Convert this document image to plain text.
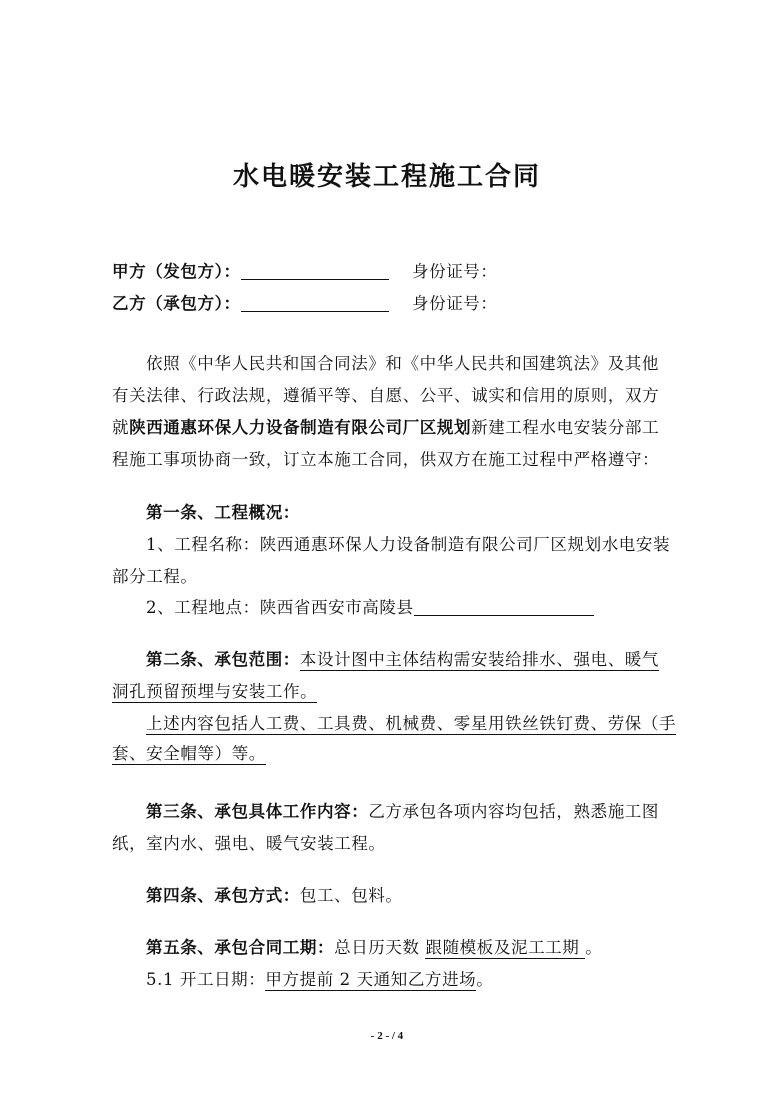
水电暖安装工程施工合同
甲方（发包方）：	身份证号：
乙方（承包方）：	身份证号：
依照《中华人民共和国合同法》和《中华人民共和国建筑法》及其他
有关法律、行政法规，遵循平等、自愿、公平、诚实和信用的原则，双方
就陕西通惠环保人力设备制造有限公司厂区规划新建工程水电安装分部工
程施工事项协商一致，订立本施工合同，供双方在施工过程中严格遵守：
第一条、工程概况：
1、工程名称：陕西通惠环保人力设备制造有限公司厂区规划水电安装
部分工程。
2、工程地点：陕西省西安市高陵县
第二条、承包范围：本设计图中主体结构需安装给排水、强电、暖气
洞孔预留预埋与安装工作。
上述内容包括人工费、工具费、机械费、零星用铁丝铁钉费、劳保（手
套、安全帽等）等。
第三条、承包具体工作内容：乙方承包各项内容均包括，熟悉施工图
纸，室内水、强电、暖气安装工程。
第四条、承包方式：包工、包料。
第五条、承包合同工期：总日历天数 跟随模板及泥工工期 。
5.1 开工日期：甲方提前 2 天通知乙方进场。
- 2 - / 4
